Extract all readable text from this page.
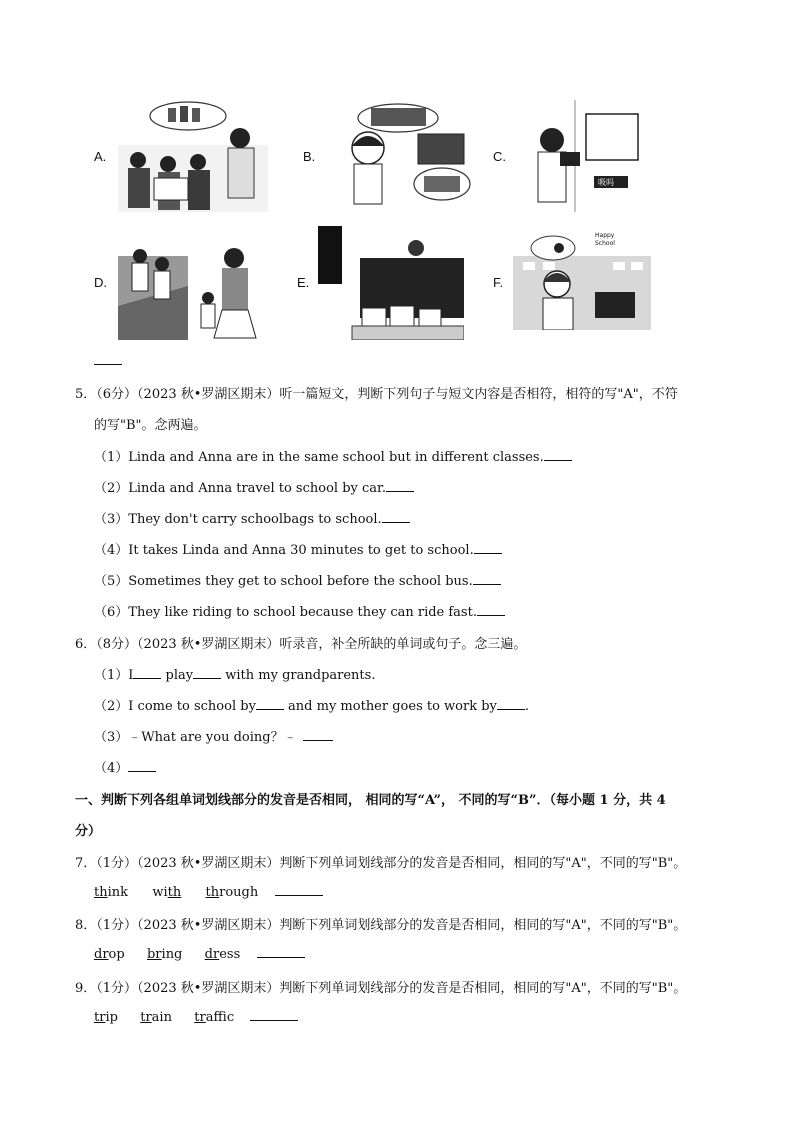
A.	B.	C.
吸吗
D.	E.	F.
Happy
School
5．（6分）（2023 秋•罗湖区期末）听一篇短文，判断下列句子与短文内容是否相符，相符的写"A"，不符
的写"B"。念两遍。
（1）Linda and Anna are in the same school but in different classes.
（2）Linda and Anna travel to school by car.
（3）They don't carry schoolbags to school.
（4）It takes Linda and Anna 30 minutes to get to school.
（5）Sometimes they get to school before the school bus.
（6）They like riding to school because they can ride fast.
6．（8分）（2023 秋•罗湖区期末）听录音，补全所缺的单词或句子。念三遍。
（1）I play with my grandparents.
（2）I come to school by and my mother goes to work by .
（3）﹣What are you doing？﹣
（4）
一、判断下列各组单词划线部分的发音是否相同， 相同的写“A”， 不同的写“B”．（每小题 1 分，共 4
分）
7．（1分）（2023 秋•罗湖区期末）判断下列单词划线部分的发音是否相同，相同的写"A"，不同的写"B"。
think with through
8．（1分）（2023 秋•罗湖区期末）判断下列单词划线部分的发音是否相同，相同的写"A"，不同的写"B"。
drop bring dress
9．（1分）（2023 秋•罗湖区期末）判断下列单词划线部分的发音是否相同，相同的写"A"，不同的写"B"。
trip train traffic
